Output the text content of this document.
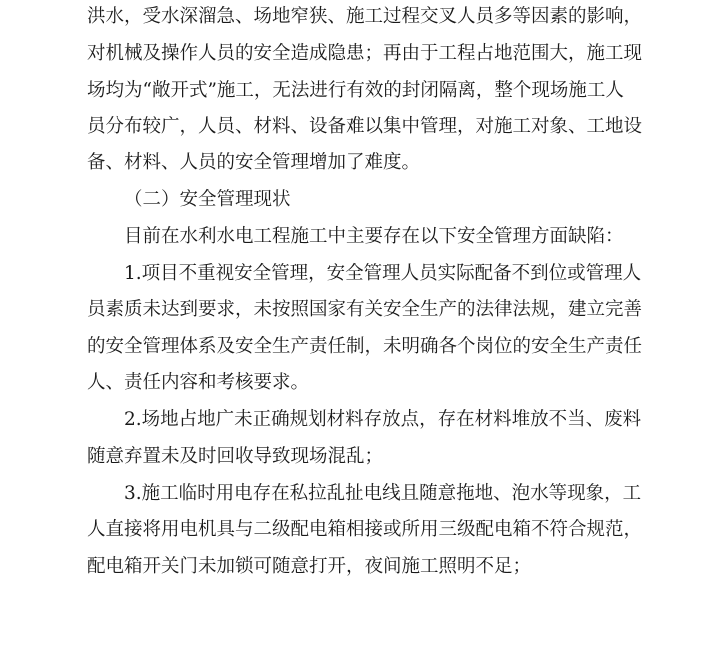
洪水，受水深溜急、场地窄狭、施工过程交叉人员多等因素的影响，
对机械及操作人员的安全造成隐患；再由于工程占地范围大，施工现
场均为“敞开式”施工，无法进行有效的封闭隔离，整个现场施工人
员分布较广，人员、材料、设备难以集中管理，对施工对象、工地设
备、材料、人员的安全管理增加了难度。
（二）安全管理现状
目前在水利水电工程施工中主要存在以下安全管理方面缺陷：
1.项目不重视安全管理，安全管理人员实际配备不到位或管理人
员素质未达到要求，未按照国家有关安全生产的法律法规，建立完善
的安全管理体系及安全生产责任制，未明确各个岗位的安全生产责任
人、责任内容和考核要求。
2.场地占地广未正确规划材料存放点，存在材料堆放不当、废料
随意弃置未及时回收导致现场混乱；
3.施工临时用电存在私拉乱扯电线且随意拖地、泡水等现象，工
人直接将用电机具与二级配电箱相接或所用三级配电箱不符合规范，
配电箱开关门未加锁可随意打开，夜间施工照明不足；
